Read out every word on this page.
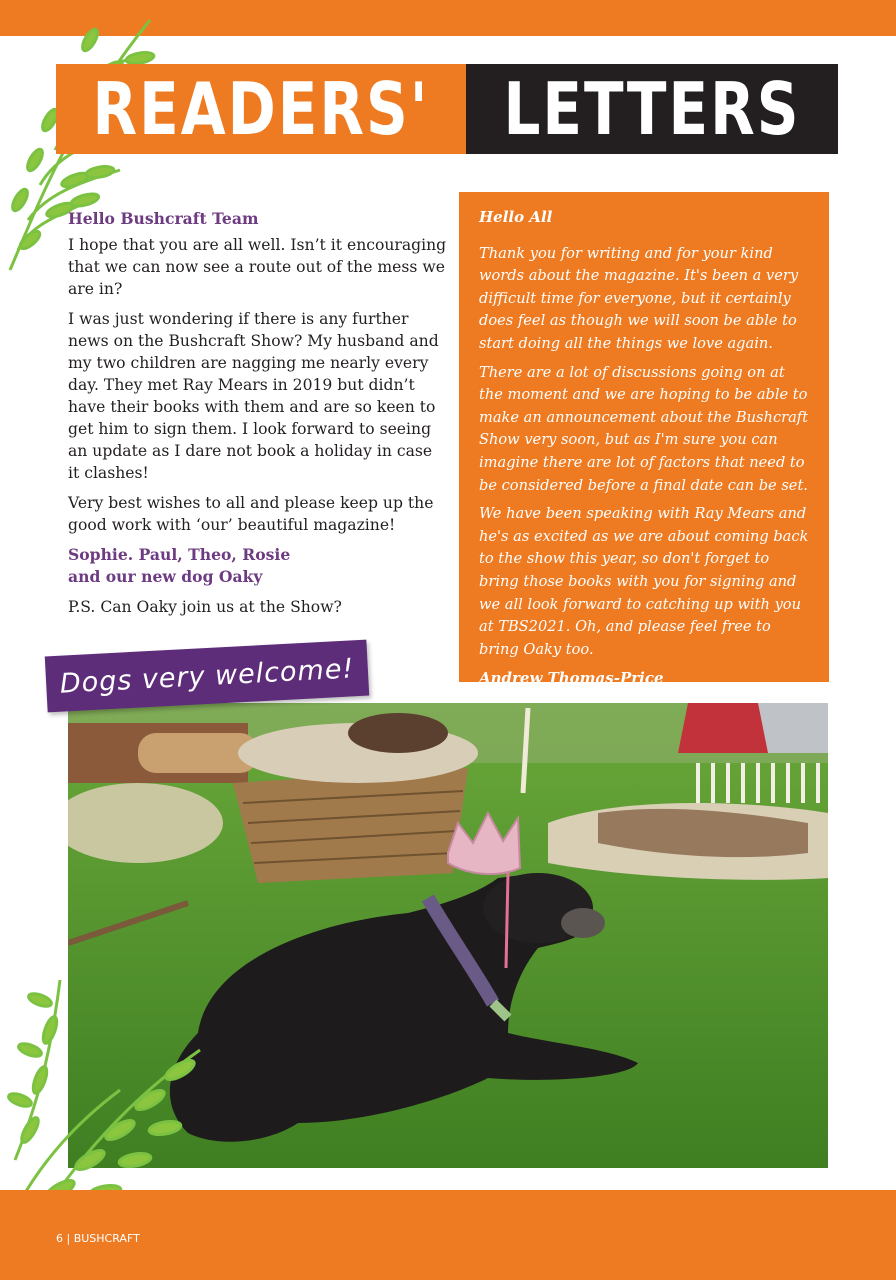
READERS' LETTERS

Hello Bushcraft Team

I hope that you are all well. Isn’t it encouraging that we can now see a route out of the mess we are in?

I was just wondering if there is any further news on the Bushcraft Show? My husband and my two children are nagging me nearly every day. They met Ray Mears in 2019 but didn’t have their books with them and are so keen to get him to sign them. I look forward to seeing an update as I dare not book a holiday in case it clashes!

Very best wishes to all and please keep up the good work with ‘our’ beautiful magazine!

Sophie. Paul, Theo, Rosie
and our new dog Oaky

P.S. Can Oaky join us at the Show?

Hello All

Thank you for writing and for your kind words about the magazine. It's been a very difficult time for everyone, but it certainly does feel as though we will soon be able to start doing all the things we love again.

There are a lot of discussions going on at the moment and we are hoping to be able to make an announcement about the Bushcraft Show very soon, but as I'm sure you can imagine there are lot of factors that need to be considered before a final date can be set.

We have been speaking with Ray Mears and he's as excited as we are about coming back to the show this year, so don't forget to bring those books with you for signing and we all look forward to catching up with you at TBS2021. Oh, and please feel free to bring Oaky too.

Andrew Thomas-Price

Dogs very welcome!
6 | BUSHCRAFT
